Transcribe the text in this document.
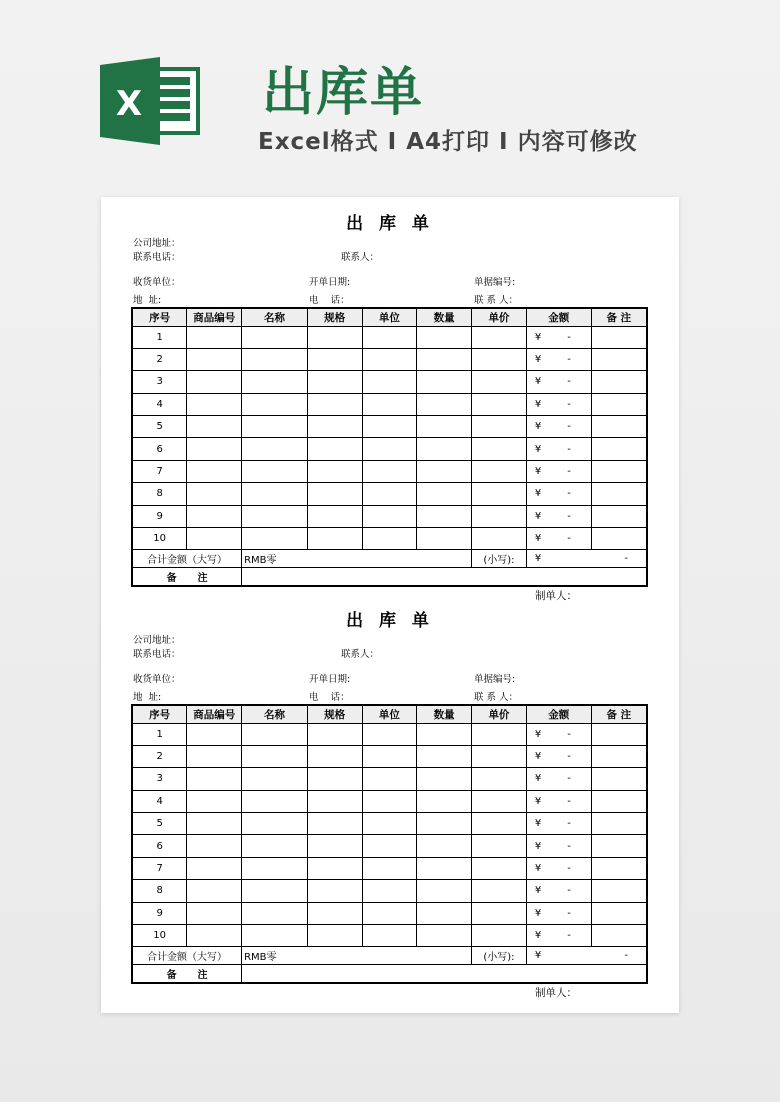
X 出库单
Excel格式 I A4打印 I 内容可修改
出 库 单
公司地址：
联系电话：	联系人：
收货单位：	开单日期:	单据编号:
地  址:	电    话：	联 系 人：
序号	商品编号	名称	规格	单位	数量	单价	金额	备 注
1							¥ -	
2							¥ -	
3							¥ -	
4							¥ -	
5							¥ -	
6							¥ -	
7							¥ -	
8							¥ -	
9							¥ -	
10							¥ -	
合计金额（大写）		RMB零				(小写):	¥ -	

备      注								
制单人：
出 库 单
公司地址：
联系电话：	联系人：
收货单位：	开单日期:	单据编号:
地  址:	电    话：	联 系 人：
序号	商品编号	名称	规格	单位	数量	单价	金额	备 注
1							¥ -	
2							¥ -	
3							¥ -	
4							¥ -	
5							¥ -	
6							¥ -	
7							¥ -	
8							¥ -	
9							¥ -	
10							¥ -	
合计金额（大写）		RMB零				(小写):	¥ -	

备      注								
制单人：
